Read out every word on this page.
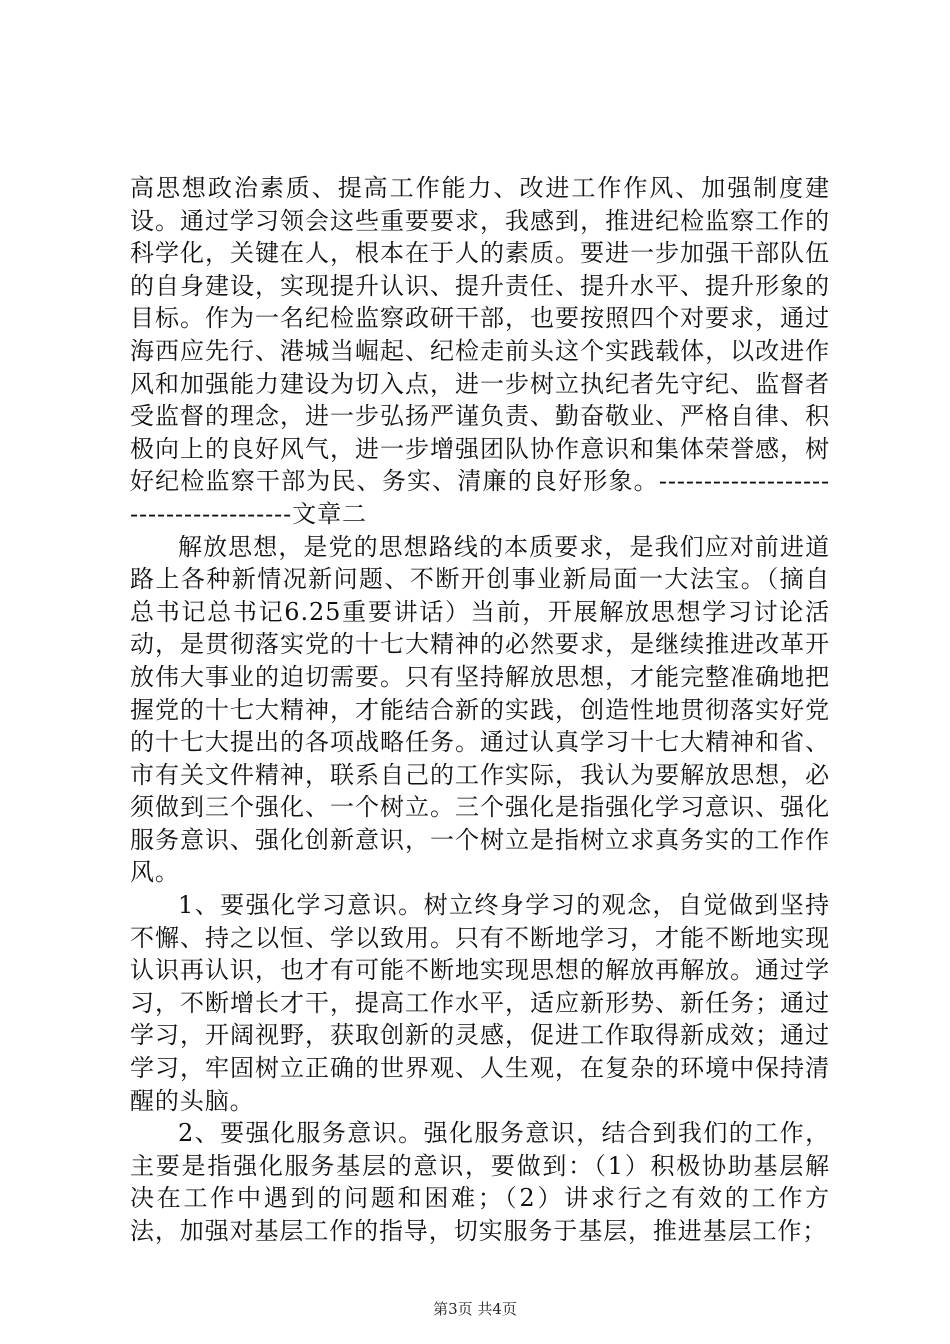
高思想政治素质、提高工作能力、改进工作作风、加强制度建设。通过学习领会这些重要要求，我感到，推进纪检监察工作的科学化，关键在人，根本在于人的素质。要进一步加强干部队伍的自身建设，实现提升认识、提升责任、提升水平、提升形象的目标。作为一名纪检监察政研干部，也要按照四个对要求，通过海西应先行、港城当崛起、纪检走前头这个实践载体，以改进作风和加强能力建设为切入点，进一步树立执纪者先守纪、监督者受监督的理念，进一步弘扬严谨负责、勤奋敬业、严格自律、积极向上的良好风气，进一步增强团队协作意识和集体荣誉感，树好纪检监察干部为民、务实、清廉的良好形象。-------------------------------------文章二

解放思想，是党的思想路线的本质要求，是我们应对前进道路上各种新情况新问题、不断开创事业新局面一大法宝。（摘自总书记总书记6.25重要讲话）当前，开展解放思想学习讨论活动，是贯彻落实党的十七大精神的必然要求，是继续推进改革开放伟大事业的迫切需要。只有坚持解放思想，才能完整准确地把握党的十七大精神，才能结合新的实践，创造性地贯彻落实好党的十七大提出的各项战略任务。通过认真学习十七大精神和省、市有关文件精神，联系自己的工作实际，我认为要解放思想，必须做到三个强化、一个树立。三个强化是指强化学习意识、强化服务意识、强化创新意识，一个树立是指树立求真务实的工作作风。

1、要强化学习意识。树立终身学习的观念，自觉做到坚持不懈、持之以恒、学以致用。只有不断地学习，才能不断地实现认识再认识，也才有可能不断地实现思想的解放再解放。通过学习，不断增长才干，提高工作水平，适应新形势、新任务；通过学习，开阔视野，获取创新的灵感，促进工作取得新成效；通过学习，牢固树立正确的世界观、人生观，在复杂的环境中保持清醒的头脑。

2、要强化服务意识。强化服务意识，结合到我们的工作，主要是指强化服务基层的意识，要做到：（1）积极协助基层解决在工作中遇到的问题和困难；（2）讲求行之有效的工作方法，加强对基层工作的指导，切实服务于基层，推进基层工作；

第3页 共4页
